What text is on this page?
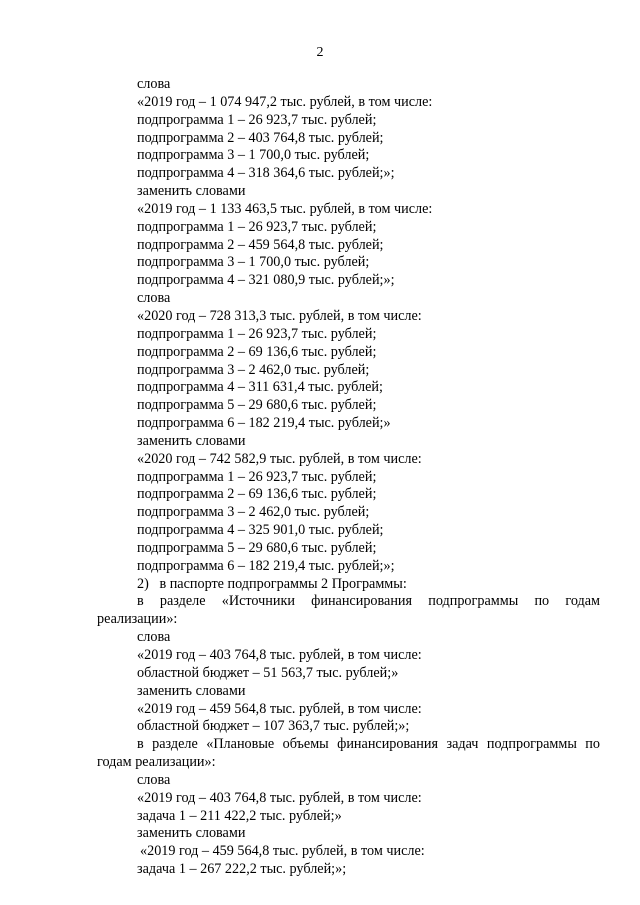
2
слова
«2019 год – 1 074 947,2 тыс. рублей, в том числе:
подпрограмма 1 – 26 923,7 тыс. рублей;
подпрограмма 2 – 403 764,8 тыс. рублей;
подпрограмма 3 – 1 700,0 тыс. рублей;
подпрограмма 4 – 318 364,6 тыс. рублей;»;
заменить словами
«2019 год – 1 133 463,5 тыс. рублей, в том числе:
подпрограмма 1 – 26 923,7 тыс. рублей;
подпрограмма 2 – 459 564,8 тыс. рублей;
подпрограмма 3 – 1 700,0 тыс. рублей;
подпрограмма 4 – 321 080,9 тыс. рублей;»;
слова
«2020 год – 728 313,3 тыс. рублей, в том числе:
подпрограмма 1 – 26 923,7 тыс. рублей;
подпрограмма 2 – 69 136,6 тыс. рублей;
подпрограмма 3 – 2 462,0 тыс. рублей;
подпрограмма 4 – 311 631,4 тыс. рублей;
подпрограмма 5 – 29 680,6 тыс. рублей;
подпрограмма 6 – 182 219,4 тыс. рублей;»
заменить словами
«2020 год – 742 582,9 тыс. рублей, в том числе:
подпрограмма 1 – 26 923,7 тыс. рублей;
подпрограмма 2 – 69 136,6 тыс. рублей;
подпрограмма 3 – 2 462,0 тыс. рублей;
подпрограмма 4 – 325 901,0 тыс. рублей;
подпрограмма 5 – 29 680,6 тыс. рублей;
подпрограмма 6 – 182 219,4 тыс. рублей;»;
2)   в паспорте подпрограммы 2 Программы:
в разделе «Источники финансирования подпрограммы по годам реализации»:
слова
«2019 год – 403 764,8 тыс. рублей, в том числе:
областной бюджет – 51 563,7 тыс. рублей;»
заменить словами
«2019 год – 459 564,8 тыс. рублей, в том числе:
областной бюджет – 107 363,7 тыс. рублей;»;
в разделе «Плановые объемы финансирования задач подпрограммы по годам реализации»:
слова
«2019 год – 403 764,8 тыс. рублей, в том числе:
задача 1 – 211 422,2 тыс. рублей;»
заменить словами
«2019 год – 459 564,8 тыс. рублей, в том числе:
задача 1 – 267 222,2 тыс. рублей;»;
